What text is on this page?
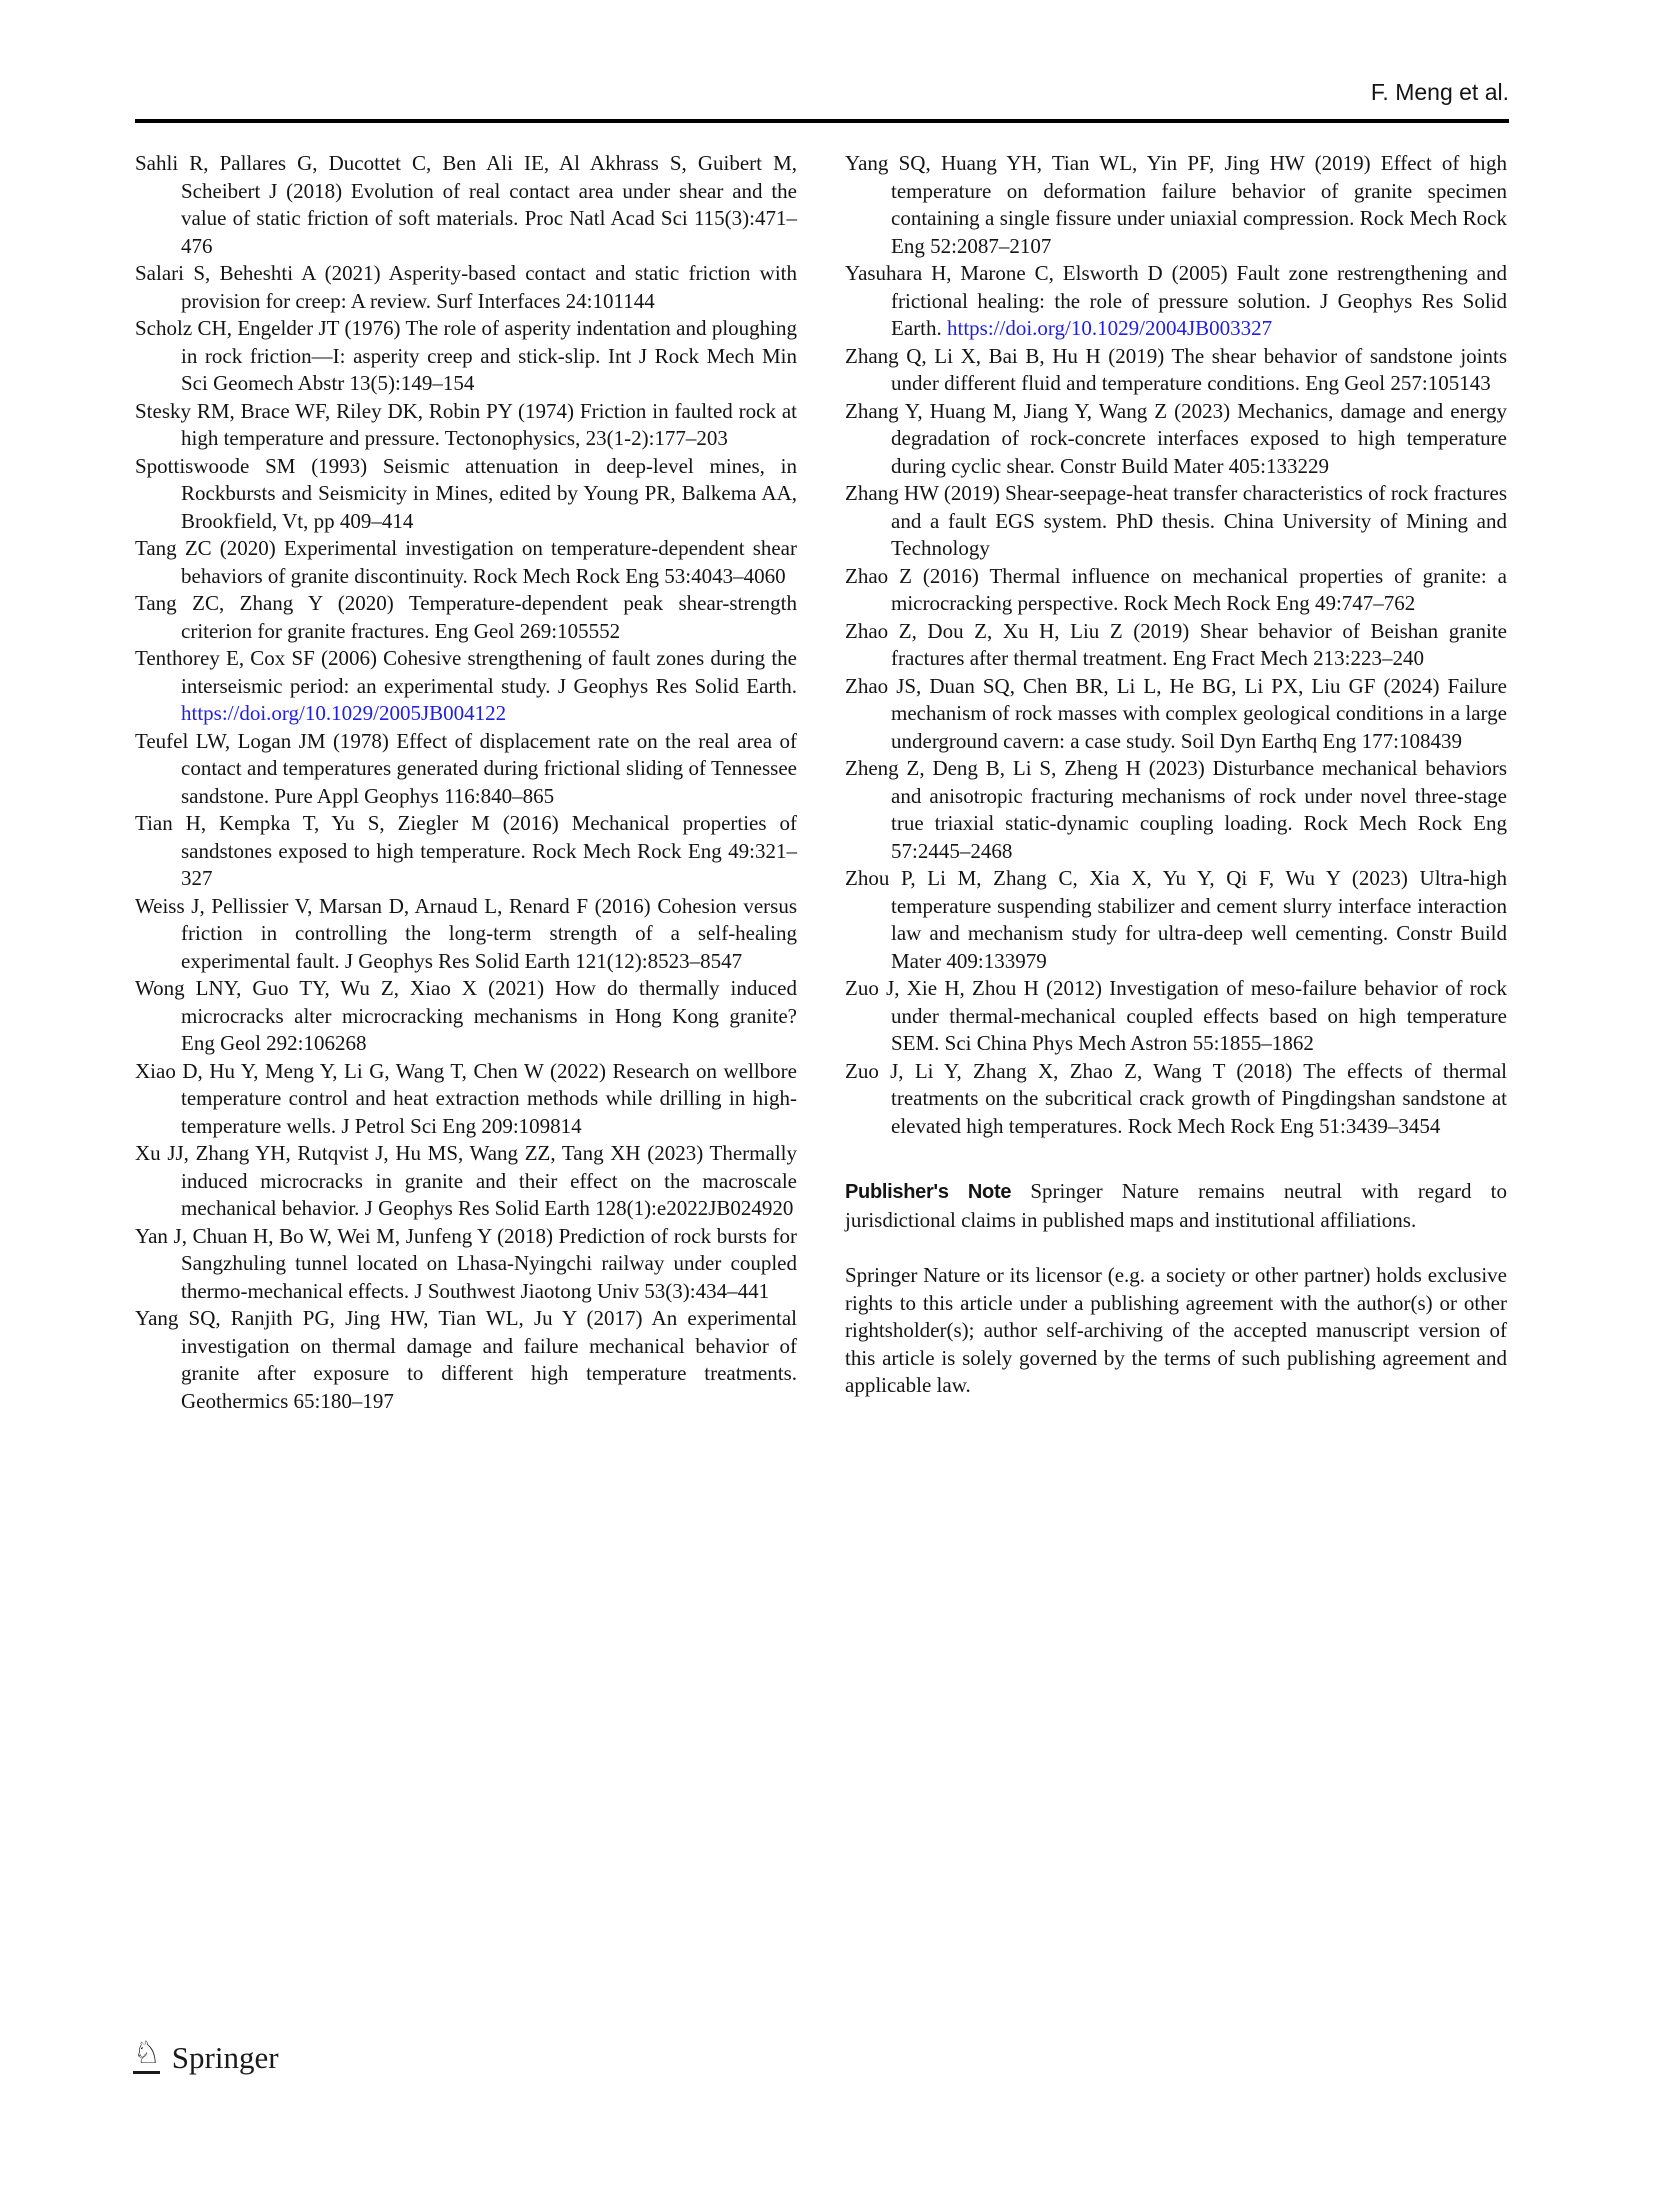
F. Meng et al.

Sahli R, Pallares G, Ducottet C, Ben Ali IE, Al Akhrass S, Guibert M, Scheibert J (2018) Evolution of real contact area under shear and the value of static friction of soft materials. Proc Natl Acad Sci 115(3):471–476

Salari S, Beheshti A (2021) Asperity-based contact and static friction with provision for creep: A review. Surf Interfaces 24:101144

Scholz CH, Engelder JT (1976) The role of asperity indentation and ploughing in rock friction—I: asperity creep and stick-slip. Int J Rock Mech Min Sci Geomech Abstr 13(5):149–154

Stesky RM, Brace WF, Riley DK, Robin PY (1974) Friction in faulted rock at high temperature and pressure. Tectonophysics, 23(1-2):177–203

Spottiswoode SM (1993) Seismic attenuation in deep-level mines, in Rockbursts and Seismicity in Mines, edited by Young PR, Balkema AA, Brookfield, Vt, pp 409–414

Tang ZC (2020) Experimental investigation on temperature-dependent shear behaviors of granite discontinuity. Rock Mech Rock Eng 53:4043–4060

Tang ZC, Zhang Y (2020) Temperature-dependent peak shear-strength criterion for granite fractures. Eng Geol 269:105552

Tenthorey E, Cox SF (2006) Cohesive strengthening of fault zones during the interseismic period: an experimental study. J Geophys Res Solid Earth. https://doi.org/10.1029/2005JB004122

Teufel LW, Logan JM (1978) Effect of displacement rate on the real area of contact and temperatures generated during frictional sliding of Tennessee sandstone. Pure Appl Geophys 116:840–865

Tian H, Kempka T, Yu S, Ziegler M (2016) Mechanical properties of sandstones exposed to high temperature. Rock Mech Rock Eng 49:321–327

Weiss J, Pellissier V, Marsan D, Arnaud L, Renard F (2016) Cohesion versus friction in controlling the long-term strength of a self-healing experimental fault. J Geophys Res Solid Earth 121(12):8523–8547

Wong LNY, Guo TY, Wu Z, Xiao X (2021) How do thermally induced microcracks alter microcracking mechanisms in Hong Kong granite? Eng Geol 292:106268

Xiao D, Hu Y, Meng Y, Li G, Wang T, Chen W (2022) Research on wellbore temperature control and heat extraction methods while drilling in high-temperature wells. J Petrol Sci Eng 209:109814

Xu JJ, Zhang YH, Rutqvist J, Hu MS, Wang ZZ, Tang XH (2023) Thermally induced microcracks in granite and their effect on the macroscale mechanical behavior. J Geophys Res Solid Earth 128(1):e2022JB024920

Yan J, Chuan H, Bo W, Wei M, Junfeng Y (2018) Prediction of rock bursts for Sangzhuling tunnel located on Lhasa-Nyingchi railway under coupled thermo-mechanical effects. J Southwest Jiaotong Univ 53(3):434–441

Yang SQ, Ranjith PG, Jing HW, Tian WL, Ju Y (2017) An experimental investigation on thermal damage and failure mechanical behavior of granite after exposure to different high temperature treatments. Geothermics 65:180–197

Yang SQ, Huang YH, Tian WL, Yin PF, Jing HW (2019) Effect of high temperature on deformation failure behavior of granite specimen containing a single fissure under uniaxial compression. Rock Mech Rock Eng 52:2087–2107

Yasuhara H, Marone C, Elsworth D (2005) Fault zone restrengthening and frictional healing: the role of pressure solution. J Geophys Res Solid Earth. https://doi.org/10.1029/2004JB003327

Zhang Q, Li X, Bai B, Hu H (2019) The shear behavior of sandstone joints under different fluid and temperature conditions. Eng Geol 257:105143

Zhang Y, Huang M, Jiang Y, Wang Z (2023) Mechanics, damage and energy degradation of rock-concrete interfaces exposed to high temperature during cyclic shear. Constr Build Mater 405:133229

Zhang HW (2019) Shear-seepage-heat transfer characteristics of rock fractures and a fault EGS system. PhD thesis. China University of Mining and Technology

Zhao Z (2016) Thermal influence on mechanical properties of granite: a microcracking perspective. Rock Mech Rock Eng 49:747–762

Zhao Z, Dou Z, Xu H, Liu Z (2019) Shear behavior of Beishan granite fractures after thermal treatment. Eng Fract Mech 213:223–240

Zhao JS, Duan SQ, Chen BR, Li L, He BG, Li PX, Liu GF (2024) Failure mechanism of rock masses with complex geological conditions in a large underground cavern: a case study. Soil Dyn Earthq Eng 177:108439

Zheng Z, Deng B, Li S, Zheng H (2023) Disturbance mechanical behaviors and anisotropic fracturing mechanisms of rock under novel three-stage true triaxial static-dynamic coupling loading. Rock Mech Rock Eng 57:2445–2468

Zhou P, Li M, Zhang C, Xia X, Yu Y, Qi F, Wu Y (2023) Ultra-high temperature suspending stabilizer and cement slurry interface interaction law and mechanism study for ultra-deep well cementing. Constr Build Mater 409:133979

Zuo J, Xie H, Zhou H (2012) Investigation of meso-failure behavior of rock under thermal-mechanical coupled effects based on high temperature SEM. Sci China Phys Mech Astron 55:1855–1862

Zuo J, Li Y, Zhang X, Zhao Z, Wang T (2018) The effects of thermal treatments on the subcritical crack growth of Pingdingshan sandstone at elevated high temperatures. Rock Mech Rock Eng 51:3439–3454

Publisher's Note Springer Nature remains neutral with regard to jurisdictional claims in published maps and institutional affiliations.

Springer Nature or its licensor (e.g. a society or other partner) holds exclusive rights to this article under a publishing agreement with the author(s) or other rightsholder(s); author self-archiving of the accepted manuscript version of this article is solely governed by the terms of such publishing agreement and applicable law.

♘ Springer
